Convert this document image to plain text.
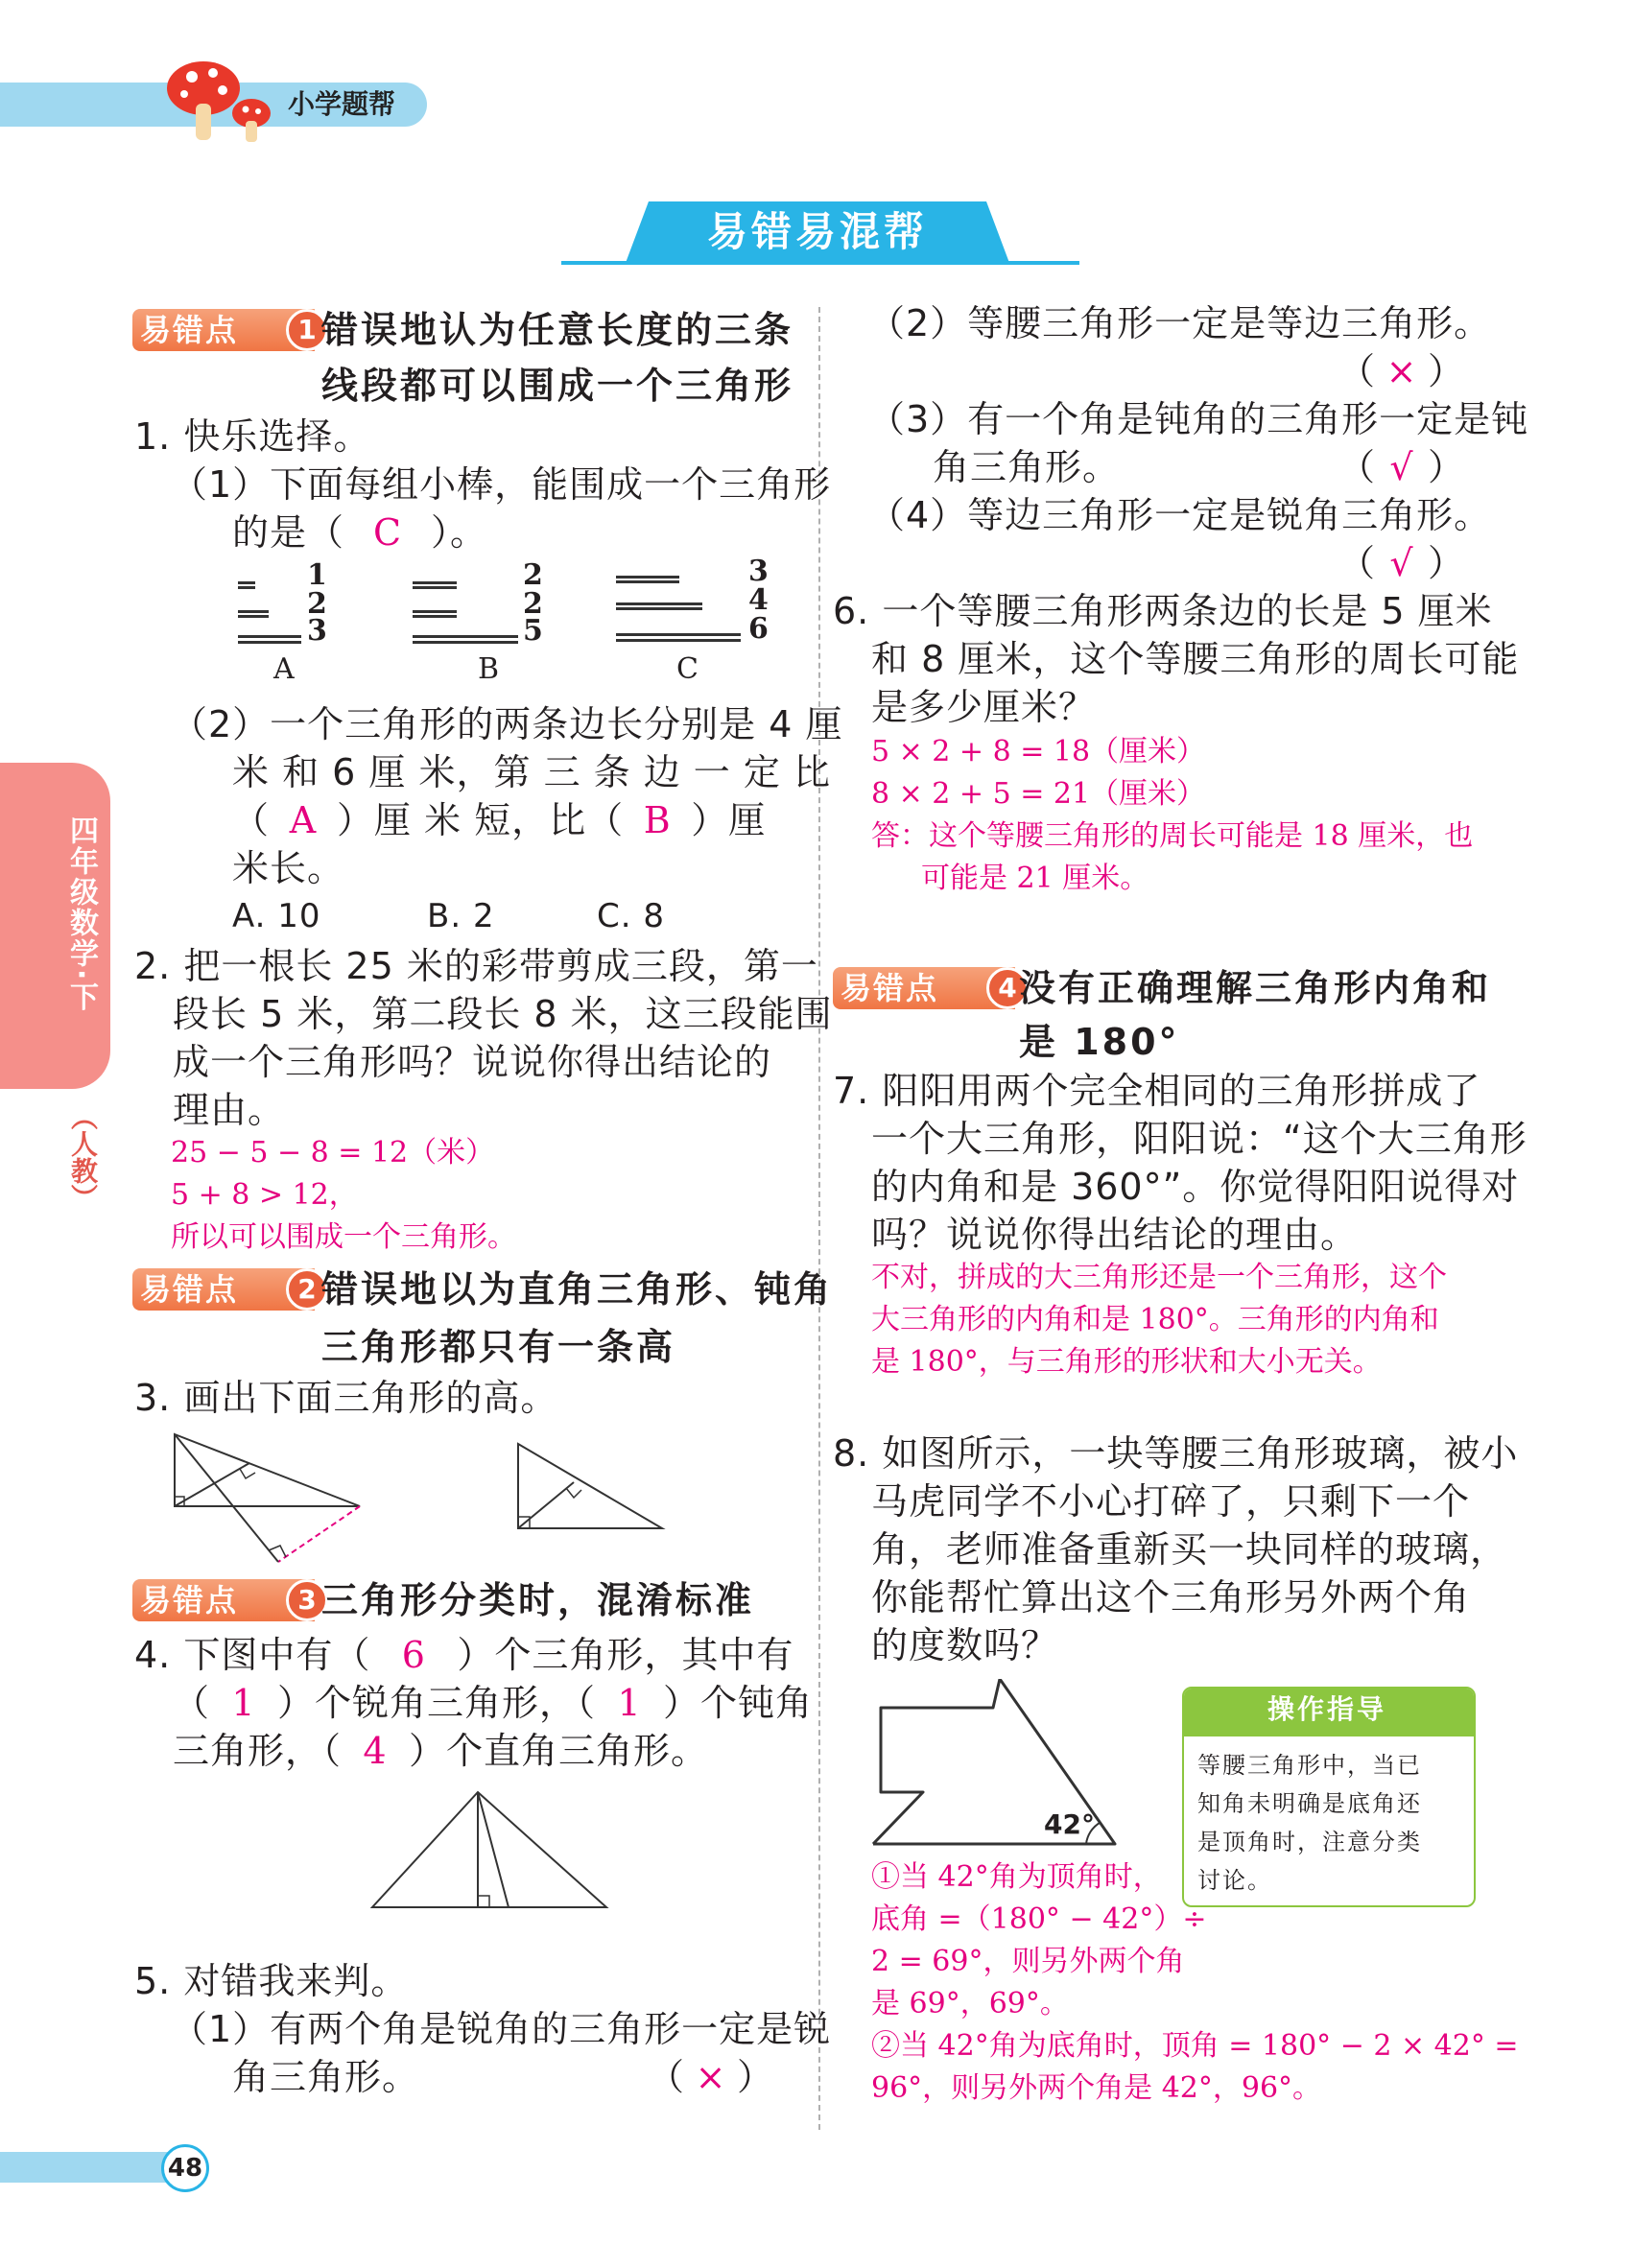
小学题帮
易错易混帮
四年级数学·下
（人教）
易错点	1 错误地认为任意长度的三条
线段都可以围成一个三角形
1. 快乐选择。
（1）下面每组小棒，能围成一个三角形
的是（ C ）。
1
2
3
A
2
2
5
B
3
4
6
C
（2）一个三角形的两条边长分别是 4 厘
米 和 6 厘 米，第 三 条 边 一 定 比
（ A ）厘 米 短，比（ B ）厘
米长。
A. 10	B. 2	C. 8
2. 把一根长 25 米的彩带剪成三段，第一
段长 5 米，第二段长 8 米，这三段能围
成一个三角形吗？说说你得出结论的
理由。
25 − 5 − 8 = 12（米）
5 + 8 > 12，
所以可以围成一个三角形。
易错点	2 错误地以为直角三角形、钝角
三角形都只有一条高
3. 画出下面三角形的高。
易错点	3 三角形分类时，混淆标准
4. 下图中有（ 6 ）个三角形，其中有
（ 1 ）个锐角三角形，（ 1 ）个钝角
三角形，（ 4 ）个直角三角形。
5. 对错我来判。
（1）有两个角是锐角的三角形一定是锐
角三角形。	（ × ）
48
（2）等腰三角形一定是等边三角形。
（ × ）
（3）有一个角是钝角的三角形一定是钝
角三角形。	（ √ ）
（4）等边三角形一定是锐角三角形。
（ √ ）
6. 一个等腰三角形两条边的长是 5 厘米
和 8 厘米，这个等腰三角形的周长可能
是多少厘米？
5 × 2 + 8 = 18（厘米）
8 × 2 + 5 = 21（厘米）
答：这个等腰三角形的周长可能是 18 厘米，也
可能是 21 厘米。
易错点	4 没有正确理解三角形内角和
是 180°
7. 阳阳用两个完全相同的三角形拼成了
一个大三角形，阳阳说：“这个大三角形
的内角和是 360°”。你觉得阳阳说得对
吗？说说你得出结论的理由。
不对，拼成的大三角形还是一个三角形，这个
大三角形的内角和是 180°。三角形的内角和
是 180°，与三角形的形状和大小无关。
8. 如图所示，一块等腰三角形玻璃，被小
马虎同学不小心打碎了，只剩下一个
角，老师准备重新买一块同样的玻璃，
你能帮忙算出这个三角形另外两个角
的度数吗？
42°
操作指导
等腰三角形中，当已
知角未明确是底角还
是顶角时，注意分类
讨论。
①当 42°角为顶角时，
底角 =（180° − 42°）÷
2 = 69°，则另外两个角
是 69°，69°。
②当 42°角为底角时，顶角 = 180° − 2 × 42° =
96°，则另外两个角是 42°，96°。
